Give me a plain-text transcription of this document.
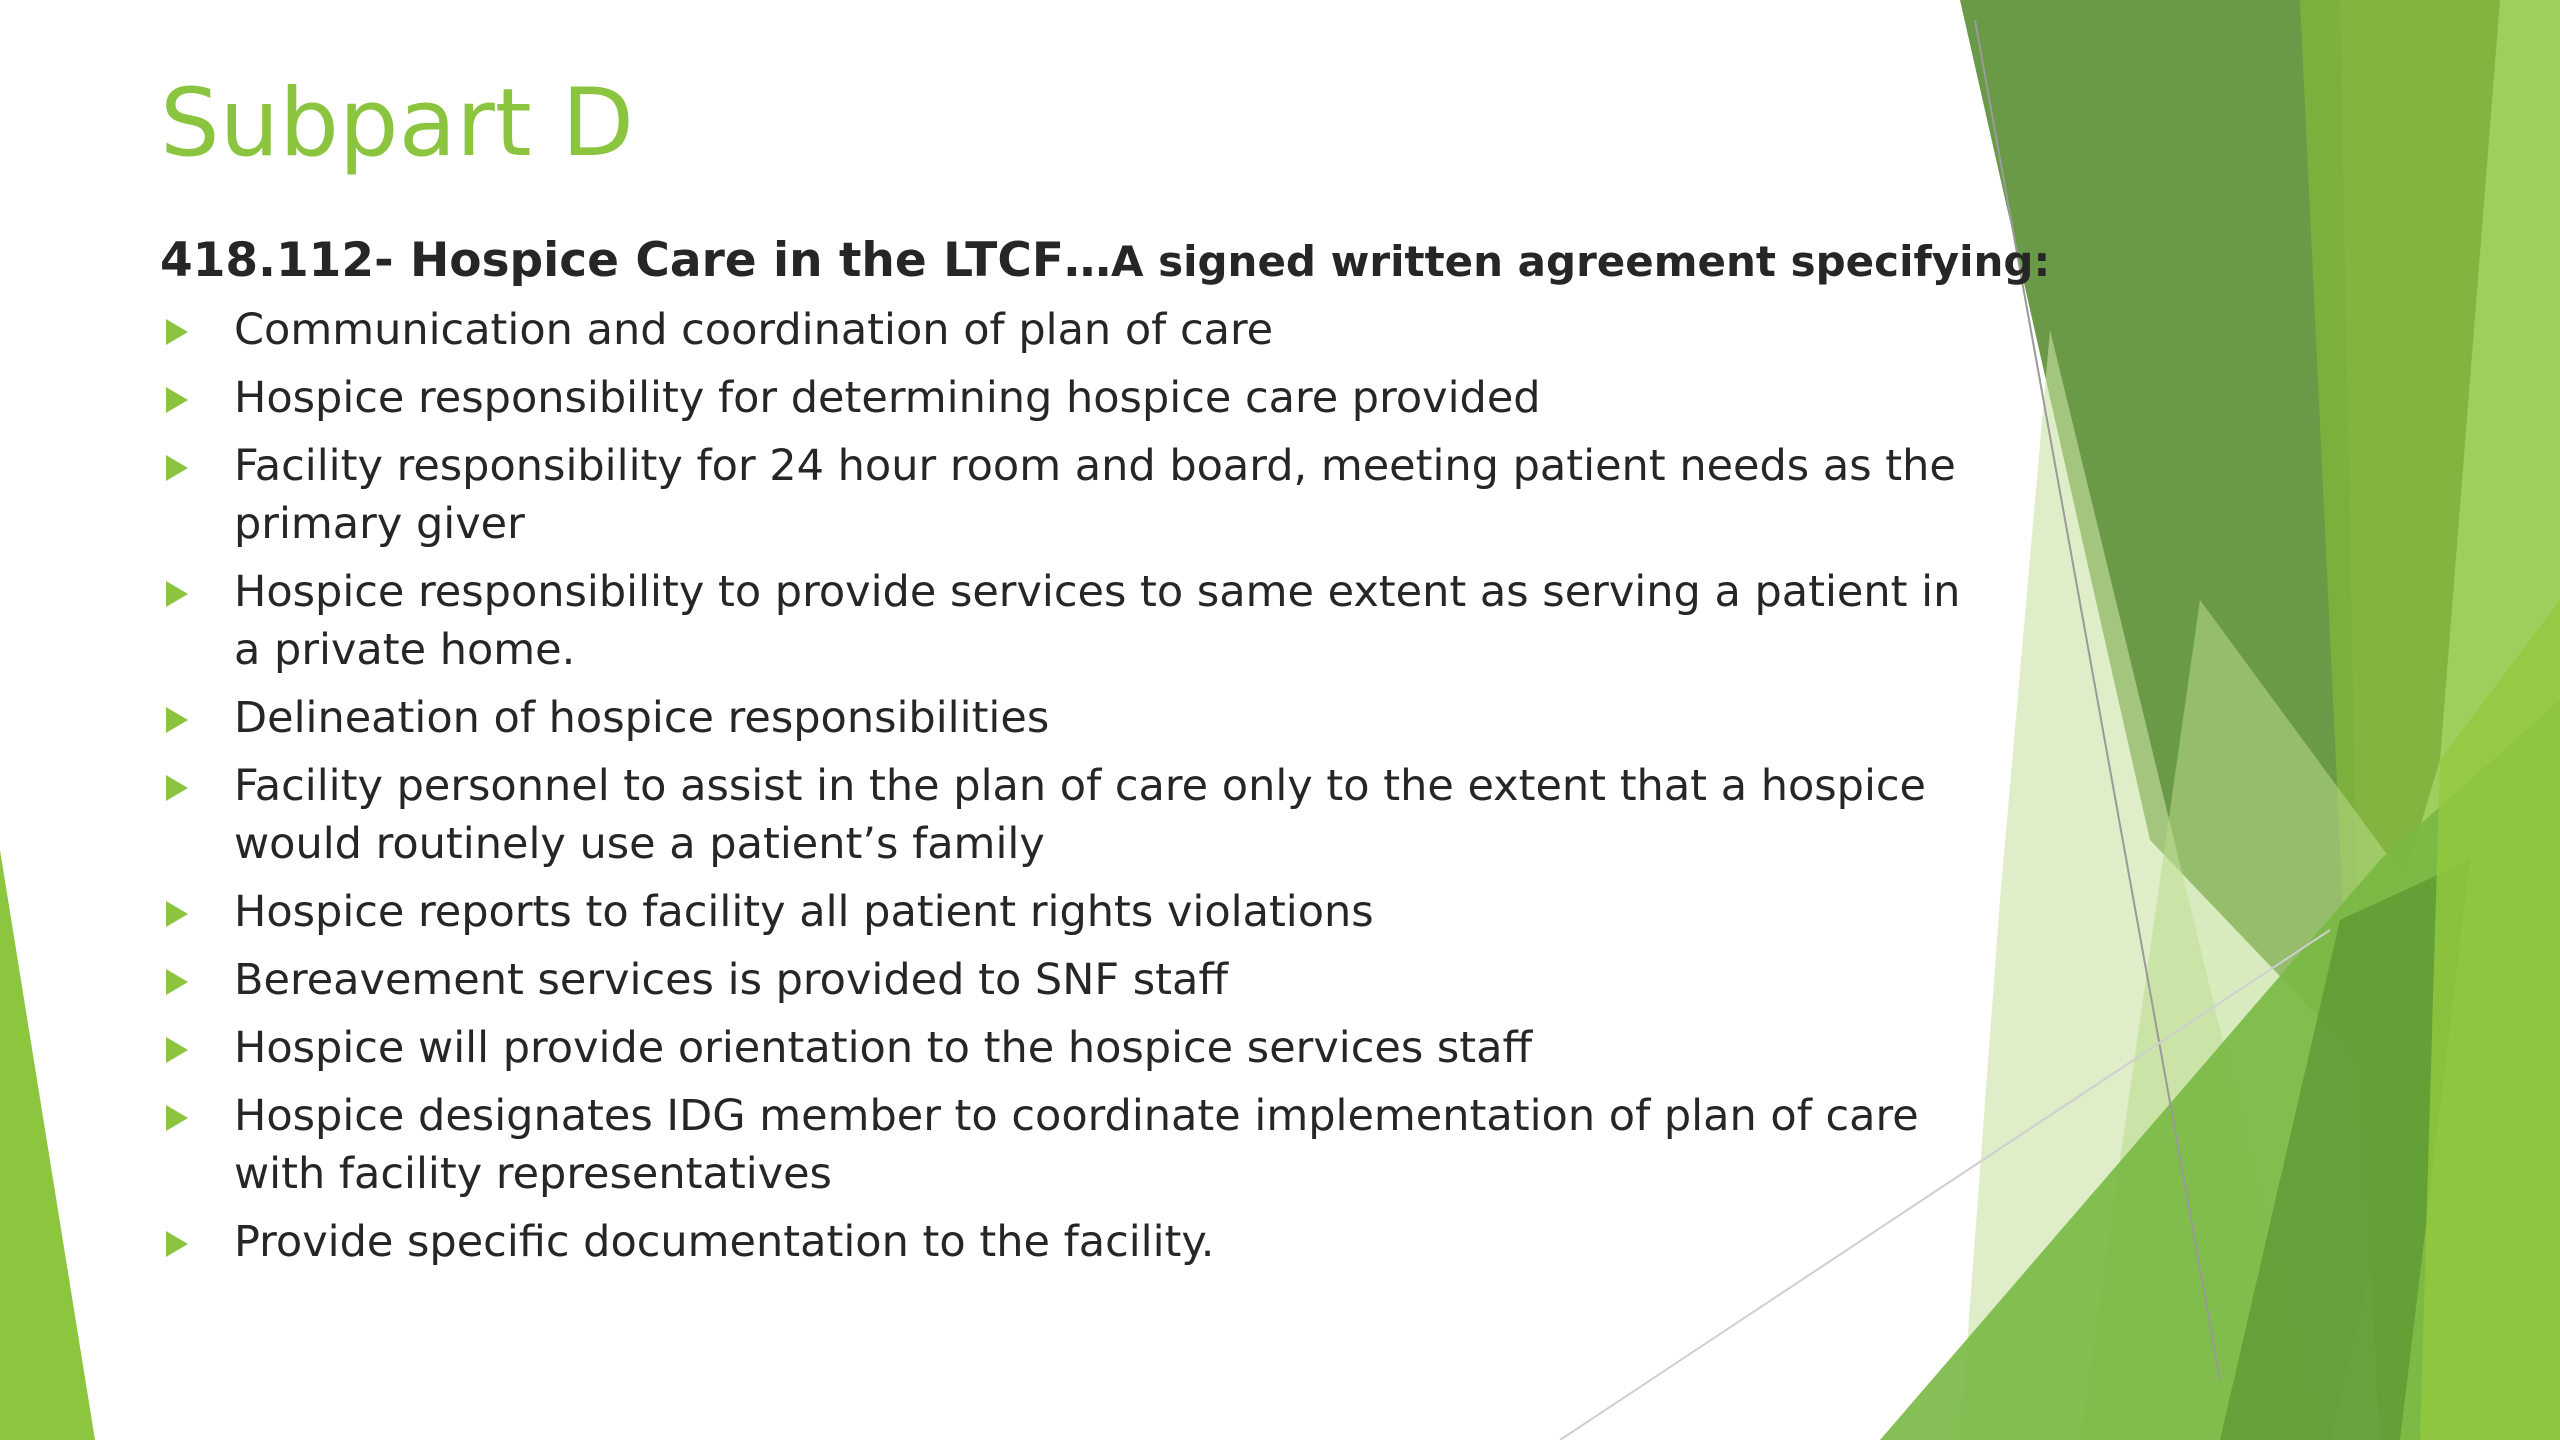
Subpart D

418.112- Hospice Care in the LTCF…A signed written agreement specifying:

Communication and coordination of plan of care
Hospice responsibility for determining hospice care provided
Facility responsibility for 24 hour room and board, meeting patient needs as the primary giver
Hospice responsibility to provide services to same extent as serving a patient in a private home.
Delineation of hospice responsibilities
Facility personnel to assist in the plan of care only to the extent that a hospice would routinely use a patient’s family
Hospice reports to facility all patient rights violations
Bereavement services is provided to SNF staff
Hospice will provide orientation to the hospice services staff
Hospice designates IDG member to coordinate implementation of plan of care with facility representatives
Provide specific documentation to the facility.
